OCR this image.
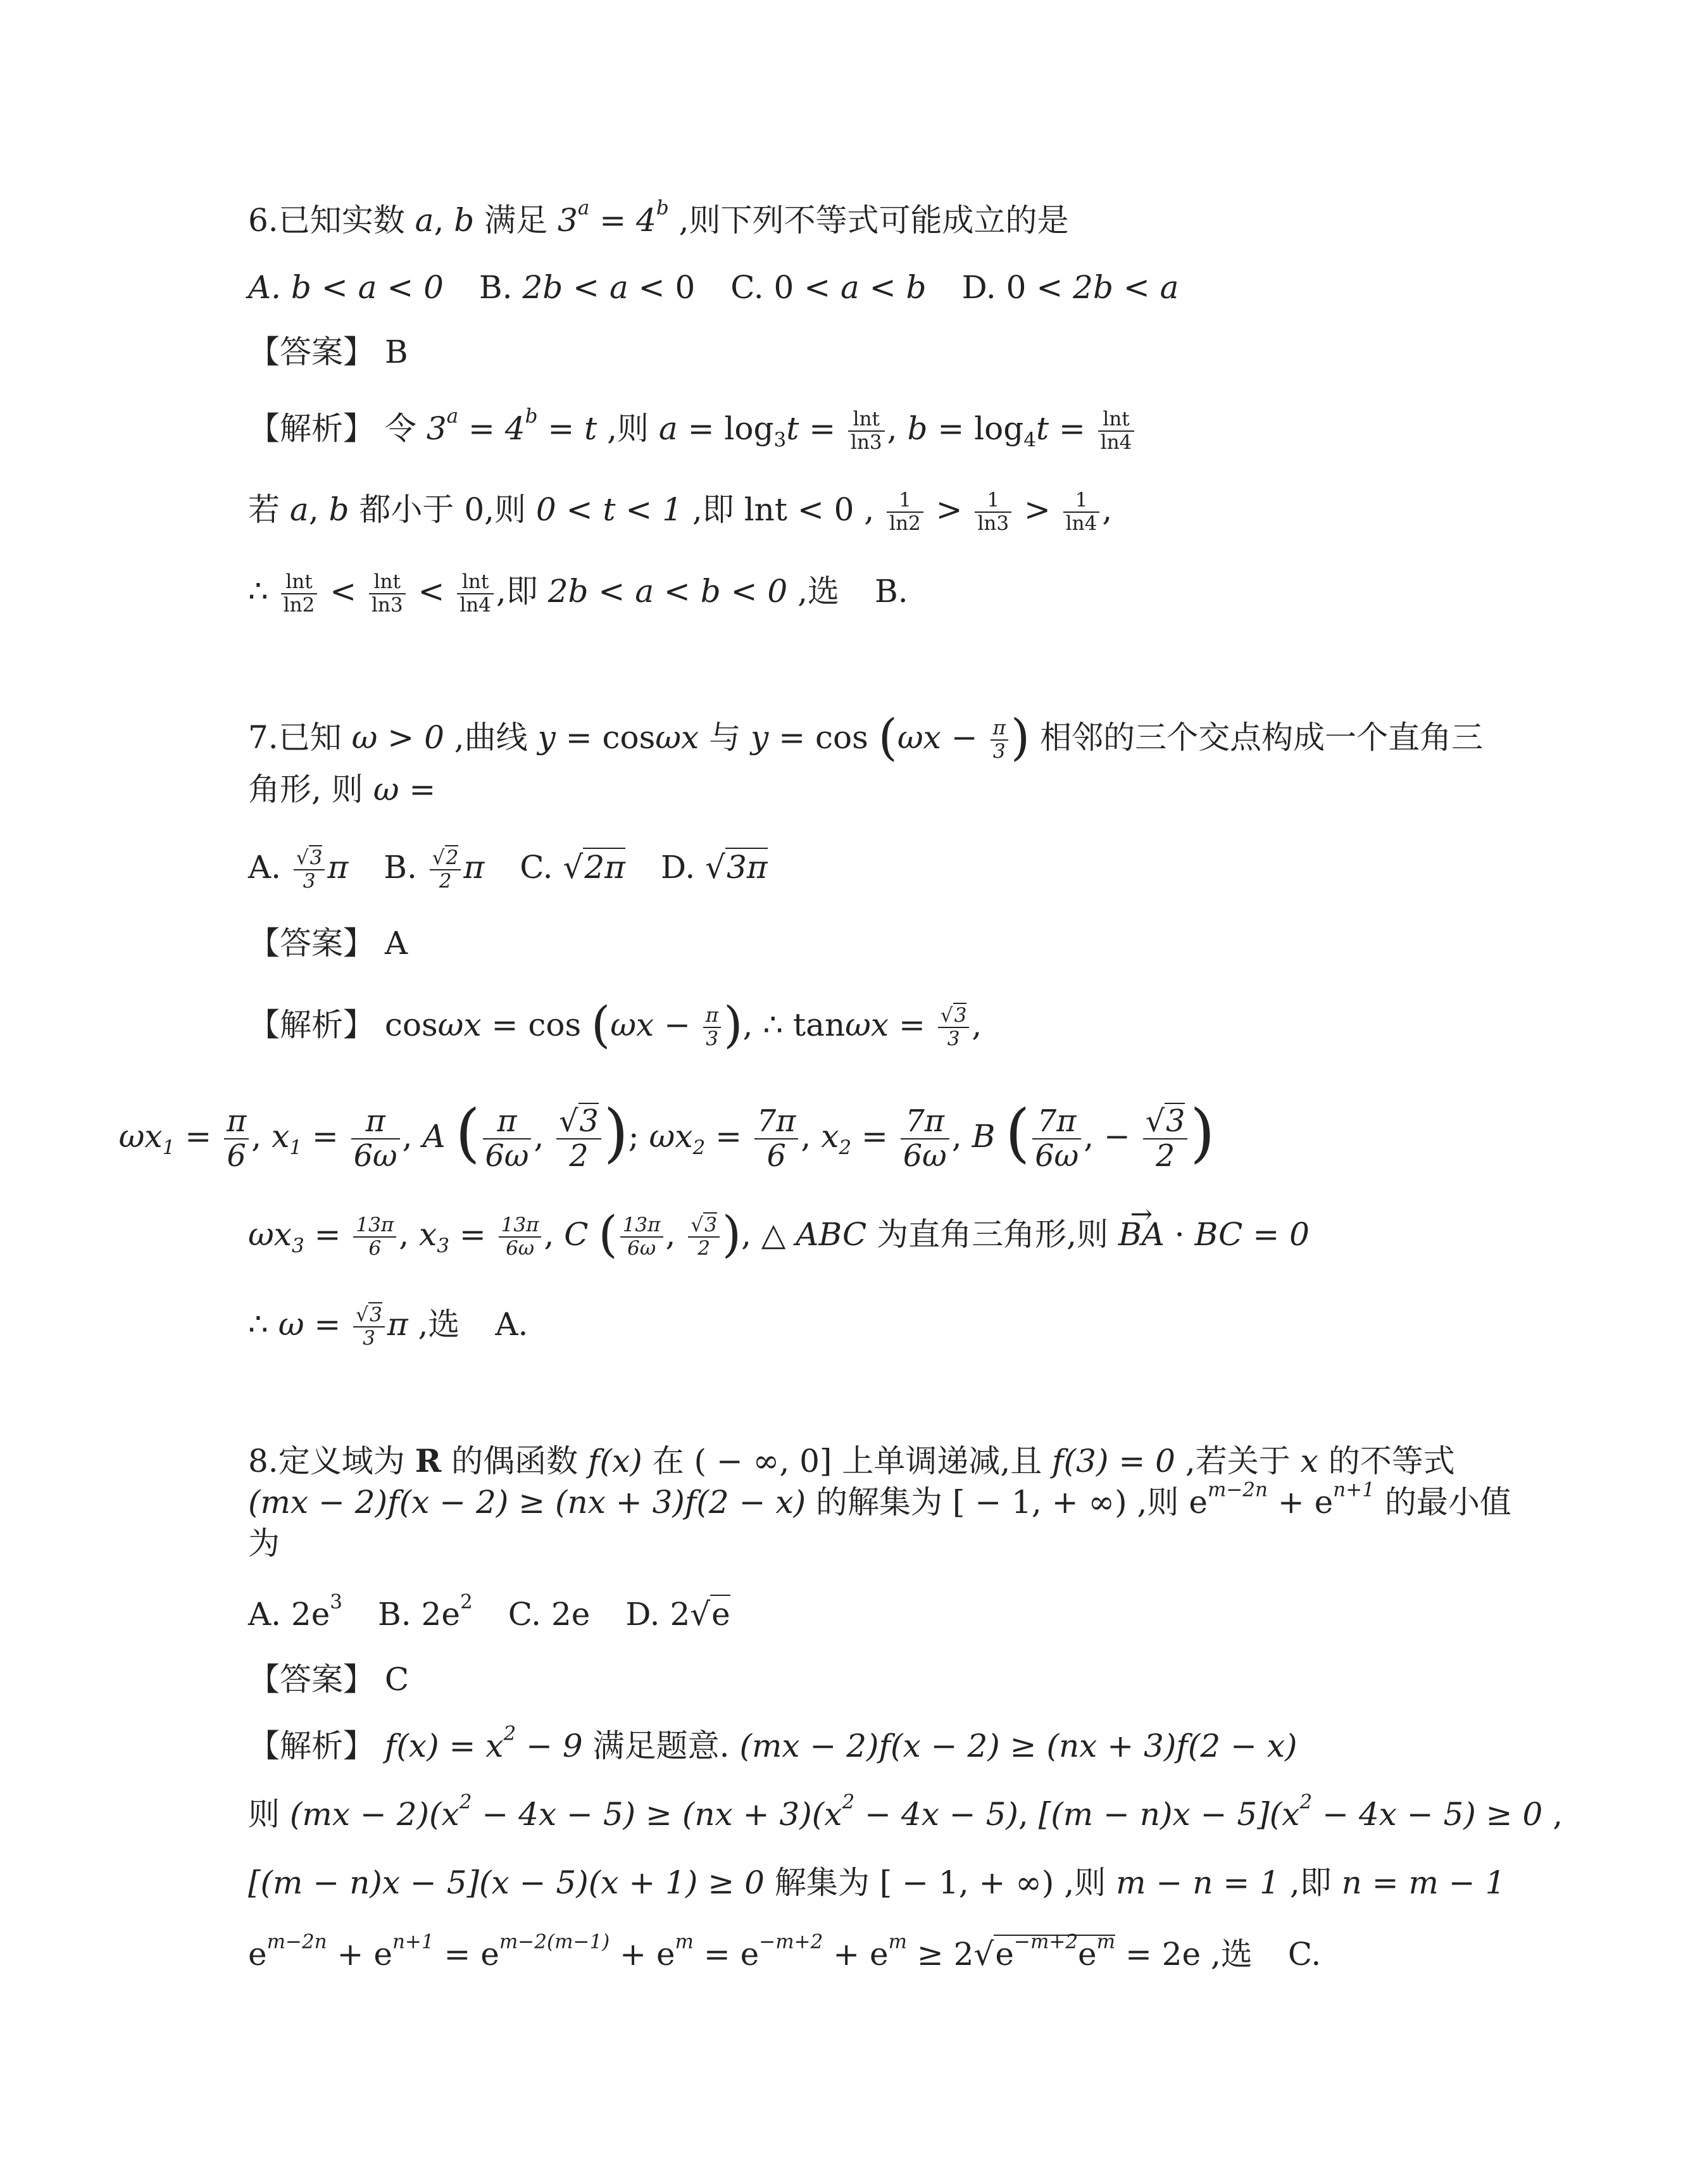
6.已知实数 a, b 满足 $3^a = 4^b$ ,则下列不等式可能成立的是
A. b < a < 0 B. 2b < a < 0 C. 0 < a < b D. 0 < 2b < a
【答案】 B
【解析】 令 $3^a = 4^b = t$ ,则 $a = \log_3t = \frac{\ln t}{\ln 3}$ , $b = \log_4t = \frac{\ln t}{\ln 4}$
若 a, b 都小于 0,则 0 < t < 1 ,即 lnt < 0 , $\frac{1}{\ln 2} > \frac{1}{\ln 3} > \frac{1}{\ln 4}$ ,
∴ $\frac{\ln t}{\ln 2} < \frac{\ln t}{\ln 3} < \frac{\ln t}{\ln 4}$ ,即 2b < a < b < 0 ,选 B.
7.已知 ω > 0 ,曲线 y = cosωx 与 $y = \cos (\omega x - \frac{\pi}{3}$ ) 相邻的三个交点构成一个直角三
角形, 则 ω =
A. $\frac{√3}{3}$ π B. $\frac{√2}{2}$ π C. √2π D. √3π
【答案】 A
【解析】 $\cos\omega x = \cos (\omega x - \frac{\pi}{3}$ ), ∴ $\tan\omega x = \frac{√3}{3}$ ,
$\omega x_1 = \frac{\pi}{6}$ , $x_1 = \frac{\pi}{6\omega}$ , A ( $\frac{\pi}{6\omega}$ , $\frac{√3}{2}$ ); $\omega x_2 = \frac{7\pi}{6}$ , $x_2 = \frac{7\pi}{6\omega}$ , B ( $\frac{7\pi}{6\omega}$ , − $\frac{√3}{2}$ )
$\omega x_3 = \frac{13\pi}{6}$ , $x_3 = \frac{13\pi}{6\omega}$ , C ( $\frac{13\pi}{6\omega}$ , $\frac{√3}{2}$ ), △ ABC 为直角三角形,则 → BA · BC = 0
∴ $\omega = \frac{√3}{3}$ π ,选 A.
8.定义域为 R 的偶函数 f(x) 在 ( − ∞, 0] 上单调递减,且 f(3) = 0 ,若关于 x 的不等式
(mx − 2)f(x − 2) ≥ (nx + 3)f(2 − x) 的解集为 [ − 1, + ∞) ,则 $e^{m-2n} + e^{n+1}$ 的最小值
为
A. $2e^3$ B. $2e^2$ C. 2e D. 2√e
【答案】 C
【解析】 $f(x) = x^2 - 9$ 满足题意. (mx − 2)f(x − 2) ≥ (nx + 3)f(2 − x)
则 $(mx - 2)(x^2 - 4x - 5) \ge (nx + 3)(x^2 - 4x - 5)$, $[(m - n)x - 5](x^2 - 4x - 5) \ge 0$ ,
[(m − n)x − 5](x − 5)(x + 1) ≥ 0 解集为 [ − 1, + ∞) ,则 m − n = 1 ,即 n = m − 1
$e^{m-2n} + e^{n+1} = e^{m-2(m-1)} + e^m = e^{-m+2} + e^m \ge 2√e^{-m+2}e^m = 2e$ ,选 C.
